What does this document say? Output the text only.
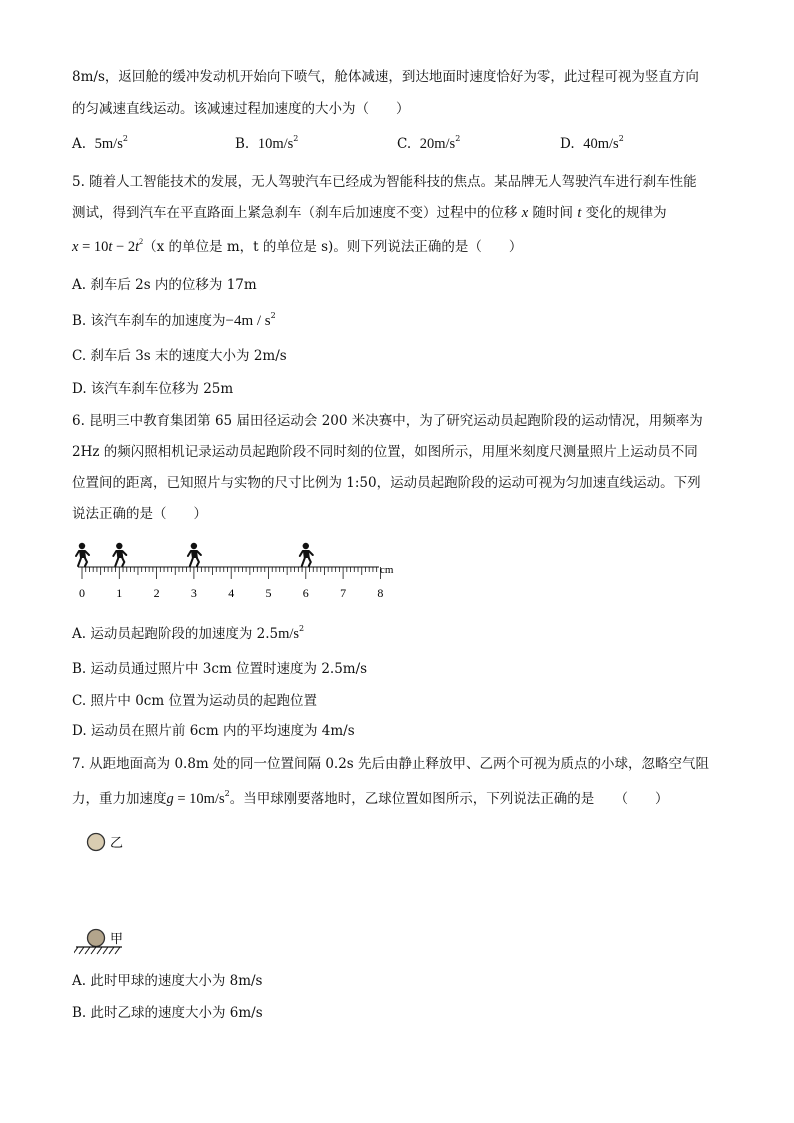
8m/s，返回舱的缓冲发动机开始向下喷气，舱体减速，到达地面时速度恰好为零，此过程可视为竖直方向
的匀减速直线运动。该减速过程加速度的大小为（　　）
A. $5m/s^2$	B. $10m/s^2$	C. $20m/s^2$	D. $40m/s^2$
5. 随着人工智能技术的发展，无人驾驶汽车已经成为智能科技的焦点。某品牌无人驾驶汽车进行刹车性能
测试，得到汽车在平直路面上紧急刹车（刹车后加速度不变）过程中的位移 x 随时间 t 变化的规律为
$x = 10t - 2t^2(x$ 的单位是 m，t 的单位是 s)。则下列说法正确的是（　　）
A. 刹车后 2s 内的位移为 17m
B. 该汽车刹车的加速度为$-4m / s^2$
C. 刹车后 3s 末的速度大小为 2m/s
D. 该汽车刹车位移为 25m
6. 昆明三中教育集团第 65 届田径运动会 200 米决赛中，为了研究运动员起跑阶段的运动情况，用频率为
2Hz 的频闪照相机记录运动员起跑阶段不同时刻的位置，如图所示，用厘米刻度尺测量照片上运动员不同
位置间的距离，已知照片与实物的尺寸比例为 1:50，运动员起跑阶段的运动可视为匀加速直线运动。下列
说法正确的是（　　）
0	1	2	3	4	5	6	7	8
cm
A. 运动员起跑阶段的加速度为 $2.5m/s^2$
B. 运动员通过照片中 3cm 位置时速度为 2.5m/s
C. 照片中 0cm 位置为运动员的起跑位置
D. 运动员在照片前 6cm 内的平均速度为 4m/s
7. 从距地面高为 0.8m 处的同一位置间隔 0.2s 先后由静止释放甲、乙两个可视为质点的小球，忽略空气阻
力，重力加速度$g = 10m/s^2$。当甲球刚要落地时，乙球位置如图所示，下列说法正确的是　　（　　）
乙
甲
A. 此时甲球的速度大小为 8m/s
B. 此时乙球的速度大小为 6m/s
